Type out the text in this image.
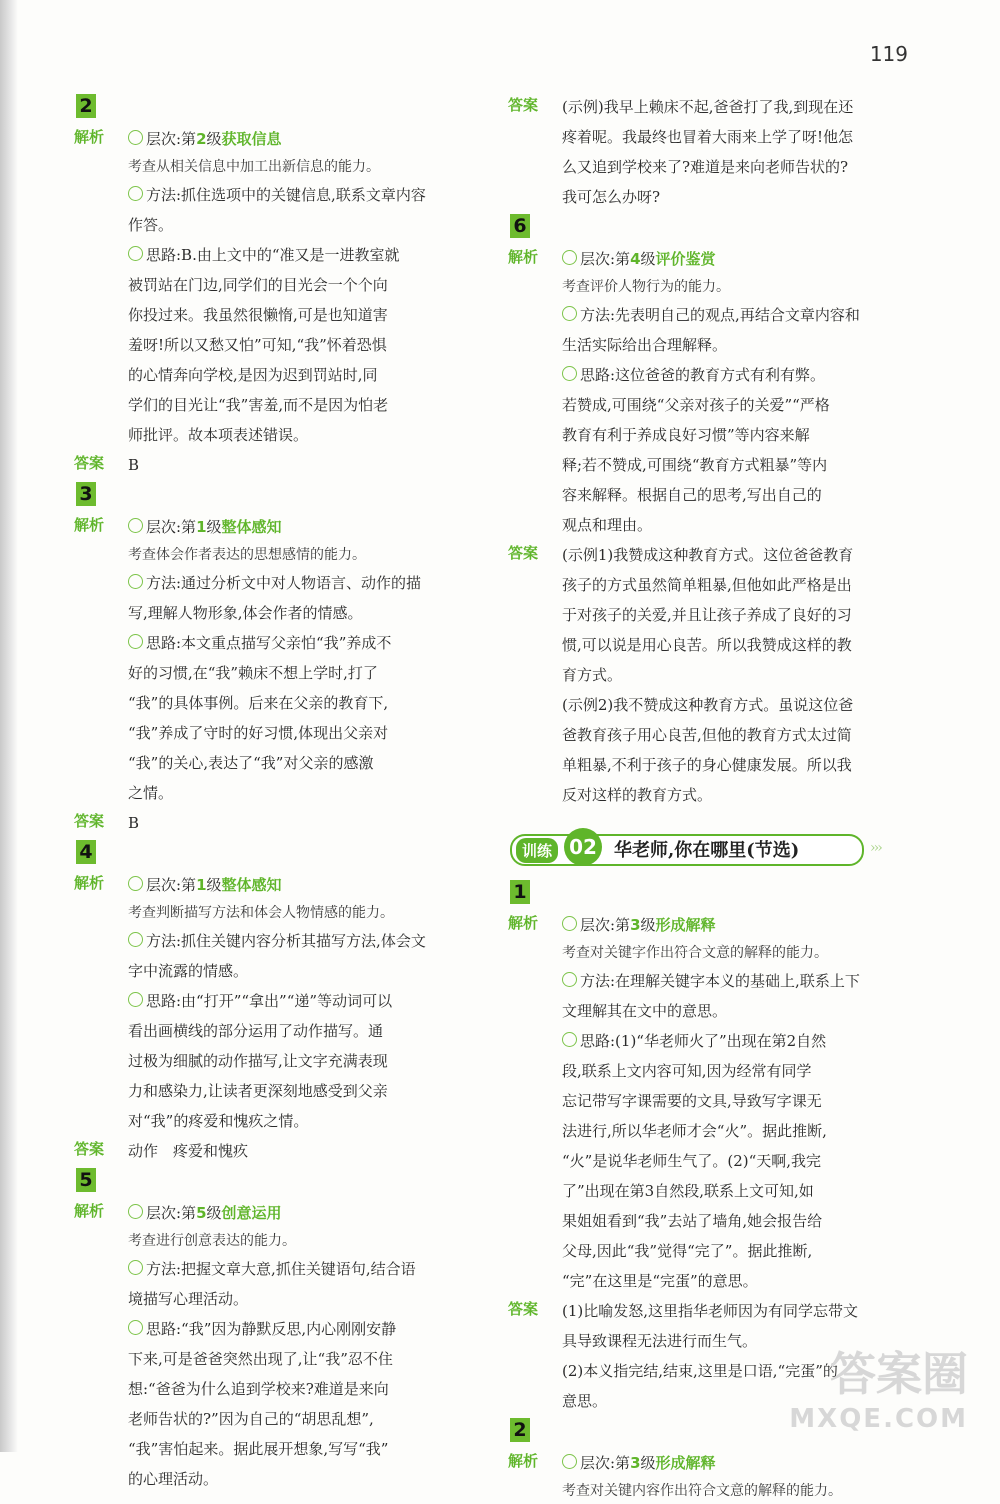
119
2
解析	层次:第2级获取信息
考查从相关信息中加工出新信息的能力。
方法:抓住选项中的关键信息,联系文章内容
作答。
思路:B.由上文中的“准又是一进教室就
被罚站在门边,同学们的目光会一个个向
你投过来。我虽然很懒惰,可是也知道害
羞呀!所以又愁又怕”可知,“我”怀着恐惧
的心情奔向学校,是因为迟到罚站时,同
学们的目光让“我”害羞,而不是因为怕老
师批评。故本项表述错误。
答案 B
3
解析	层次:第1级整体感知
考查体会作者表达的思想感情的能力。
方法:通过分析文中对人物语言、动作的描
写,理解人物形象,体会作者的情感。
思路:本文重点描写父亲怕“我”养成不
好的习惯,在“我”赖床不想上学时,打了
“我”的具体事例。后来在父亲的教育下,
“我”养成了守时的好习惯,体现出父亲对
“我”的关心,表达了“我”对父亲的感激
之情。
答案 B
4
解析	层次:第1级整体感知
考查判断描写方法和体会人物情感的能力。
方法:抓住关键内容分析其描写方法,体会文
字中流露的情感。
思路:由“打开”“拿出”“递”等动词可以
看出画横线的部分运用了动作描写。通
过极为细腻的动作描写,让文字充满表现
力和感染力,让读者更深刻地感受到父亲
对“我”的疼爱和愧疚之情。
答案 动作　疼爱和愧疚
5
解析	层次:第5级创意运用
考查进行创意表达的能力。
方法:把握文章大意,抓住关键语句,结合语
境描写心理活动。
思路:“我”因为静默反思,内心刚刚安静
下来,可是爸爸突然出现了,让“我”忍不住
想:“爸爸为什么追到学校来?难道是来向
老师告状的?”因为自己的“胡思乱想”,
“我”害怕起来。据此展开想象,写写“我”
的心理活动。
答案 (示例)我早上赖床不起,爸爸打了我,到现在还
疼着呢。我最终也冒着大雨来上学了呀!他怎
么又追到学校来了?难道是来向老师告状的?
我可怎么办呀?
6
解析	层次:第4级评价鉴赏
考查评价人物行为的能力。
方法:先表明自己的观点,再结合文章内容和
生活实际给出合理解释。
思路:这位爸爸的教育方式有利有弊。
若赞成,可围绕“父亲对孩子的关爱”“严格
教育有利于养成良好习惯”等内容来解
释;若不赞成,可围绕“教育方式粗暴”等内
容来解释。根据自己的思考,写出自己的
观点和理由。
答案 (示例1)我赞成这种教育方式。这位爸爸教育
孩子的方式虽然简单粗暴,但他如此严格是出
于对孩子的关爱,并且让孩子养成了良好的习
惯,可以说是用心良苦。所以我赞成这样的教
育方式。
(示例2)我不赞成这种教育方式。虽说这位爸
爸教育孩子用心良苦,但他的教育方式太过简
单粗暴,不利于孩子的身心健康发展。所以我
反对这样的教育方式。
训练 02 华老师,你在哪里(节选)	›››
1
解析	层次:第3级形成解释
考查对关键字作出符合文意的解释的能力。
方法:在理解关键字本义的基础上,联系上下
文理解其在文中的意思。
思路:(1)“华老师火了”出现在第2自然
段,联系上文内容可知,因为经常有同学
忘记带写字课需要的文具,导致写字课无
法进行,所以华老师才会“火”。据此推断,
“火”是说华老师生气了。(2)“天啊,我完
了”出现在第3自然段,联系上文可知,如
果姐姐看到“我”去站了墙角,她会报告给
父母,因此“我”觉得“完了”。据此推断,
“完”在这里是“完蛋”的意思。
答案 (1)比喻发怒,这里指华老师因为有同学忘带文
具导致课程无法进行而生气。
(2)本义指完结,结束,这里是口语,“完蛋”的
意思。
2
解析	层次:第3级形成解释
考查对关键内容作出符合文意的解释的能力。
答案圈
MXQE.COM
